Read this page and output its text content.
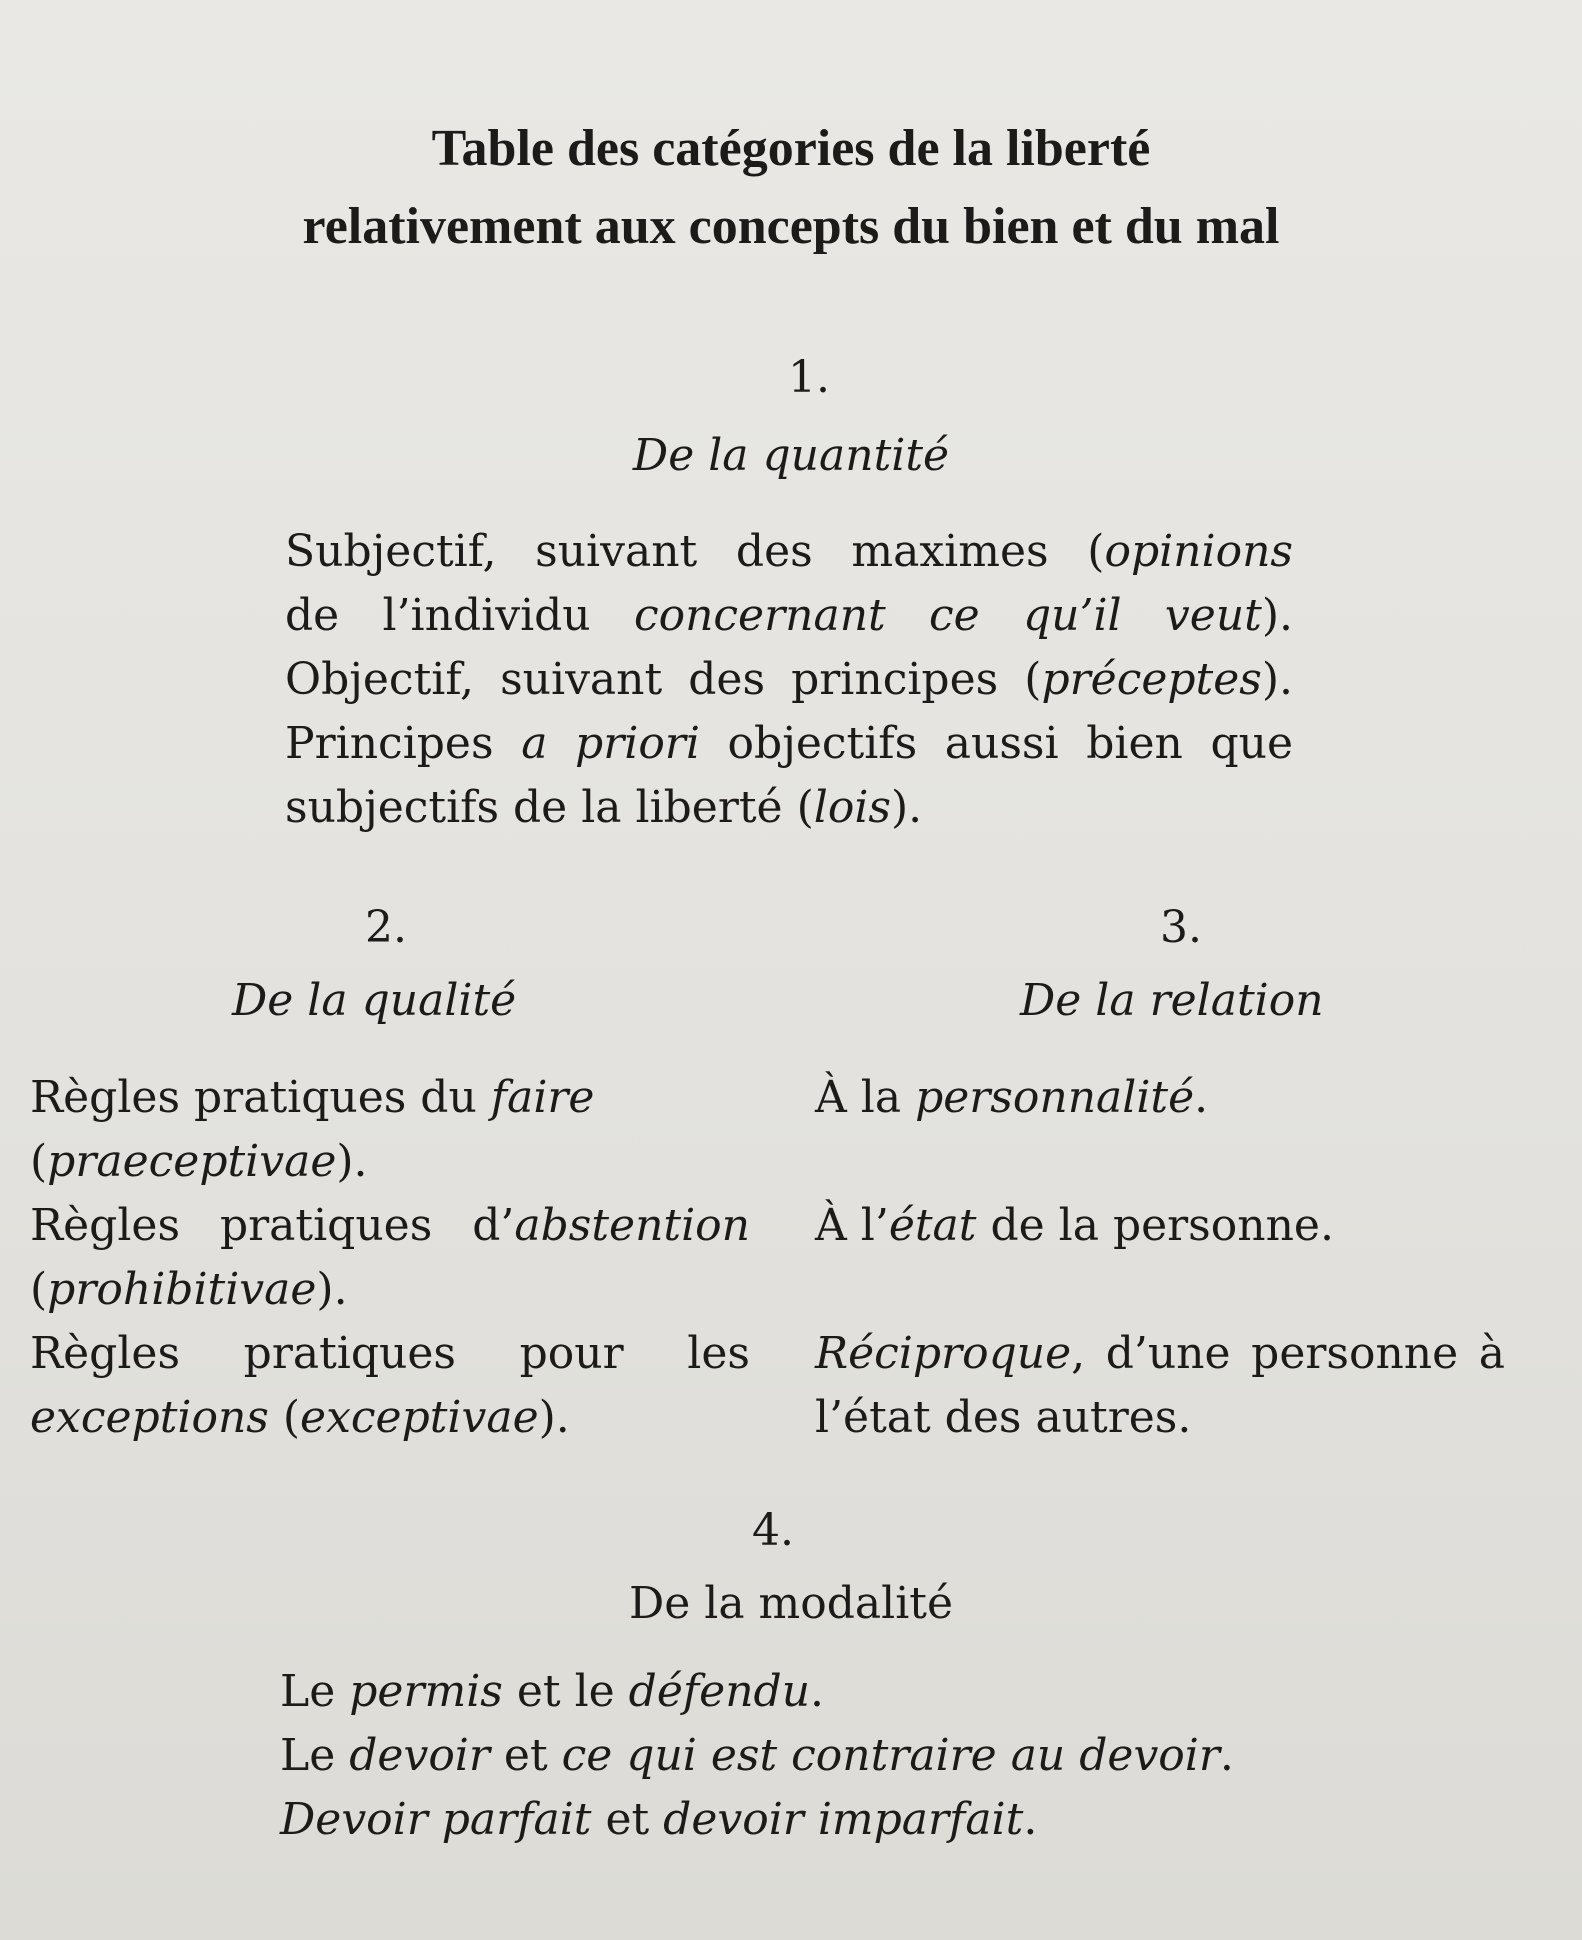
Table des catégories de la liberté
relativement aux concepts du bien et du mal
1.
De la quantité
Subjectif, suivant des maximes (opinions
de l’individu concernant ce qu’il veut).
Objectif, suivant des principes (préceptes).
Principes a priori objectifs aussi bien que
subjectifs de la liberté (lois).
2.
De la qualité
Règles pratiques du faire
(praeceptivae).
Règles pratiques d’abstention
(prohibitivae).
Règles pratiques pour les
exceptions (exceptivae).
3.
De la relation
À la personnalité.
À l’état de la personne.
Réciproque, d’une personne à
l’état des autres.
4.
De la modalité
Le permis et le défendu.
Le devoir et ce qui est contraire au devoir.
Devoir parfait et devoir imparfait.
